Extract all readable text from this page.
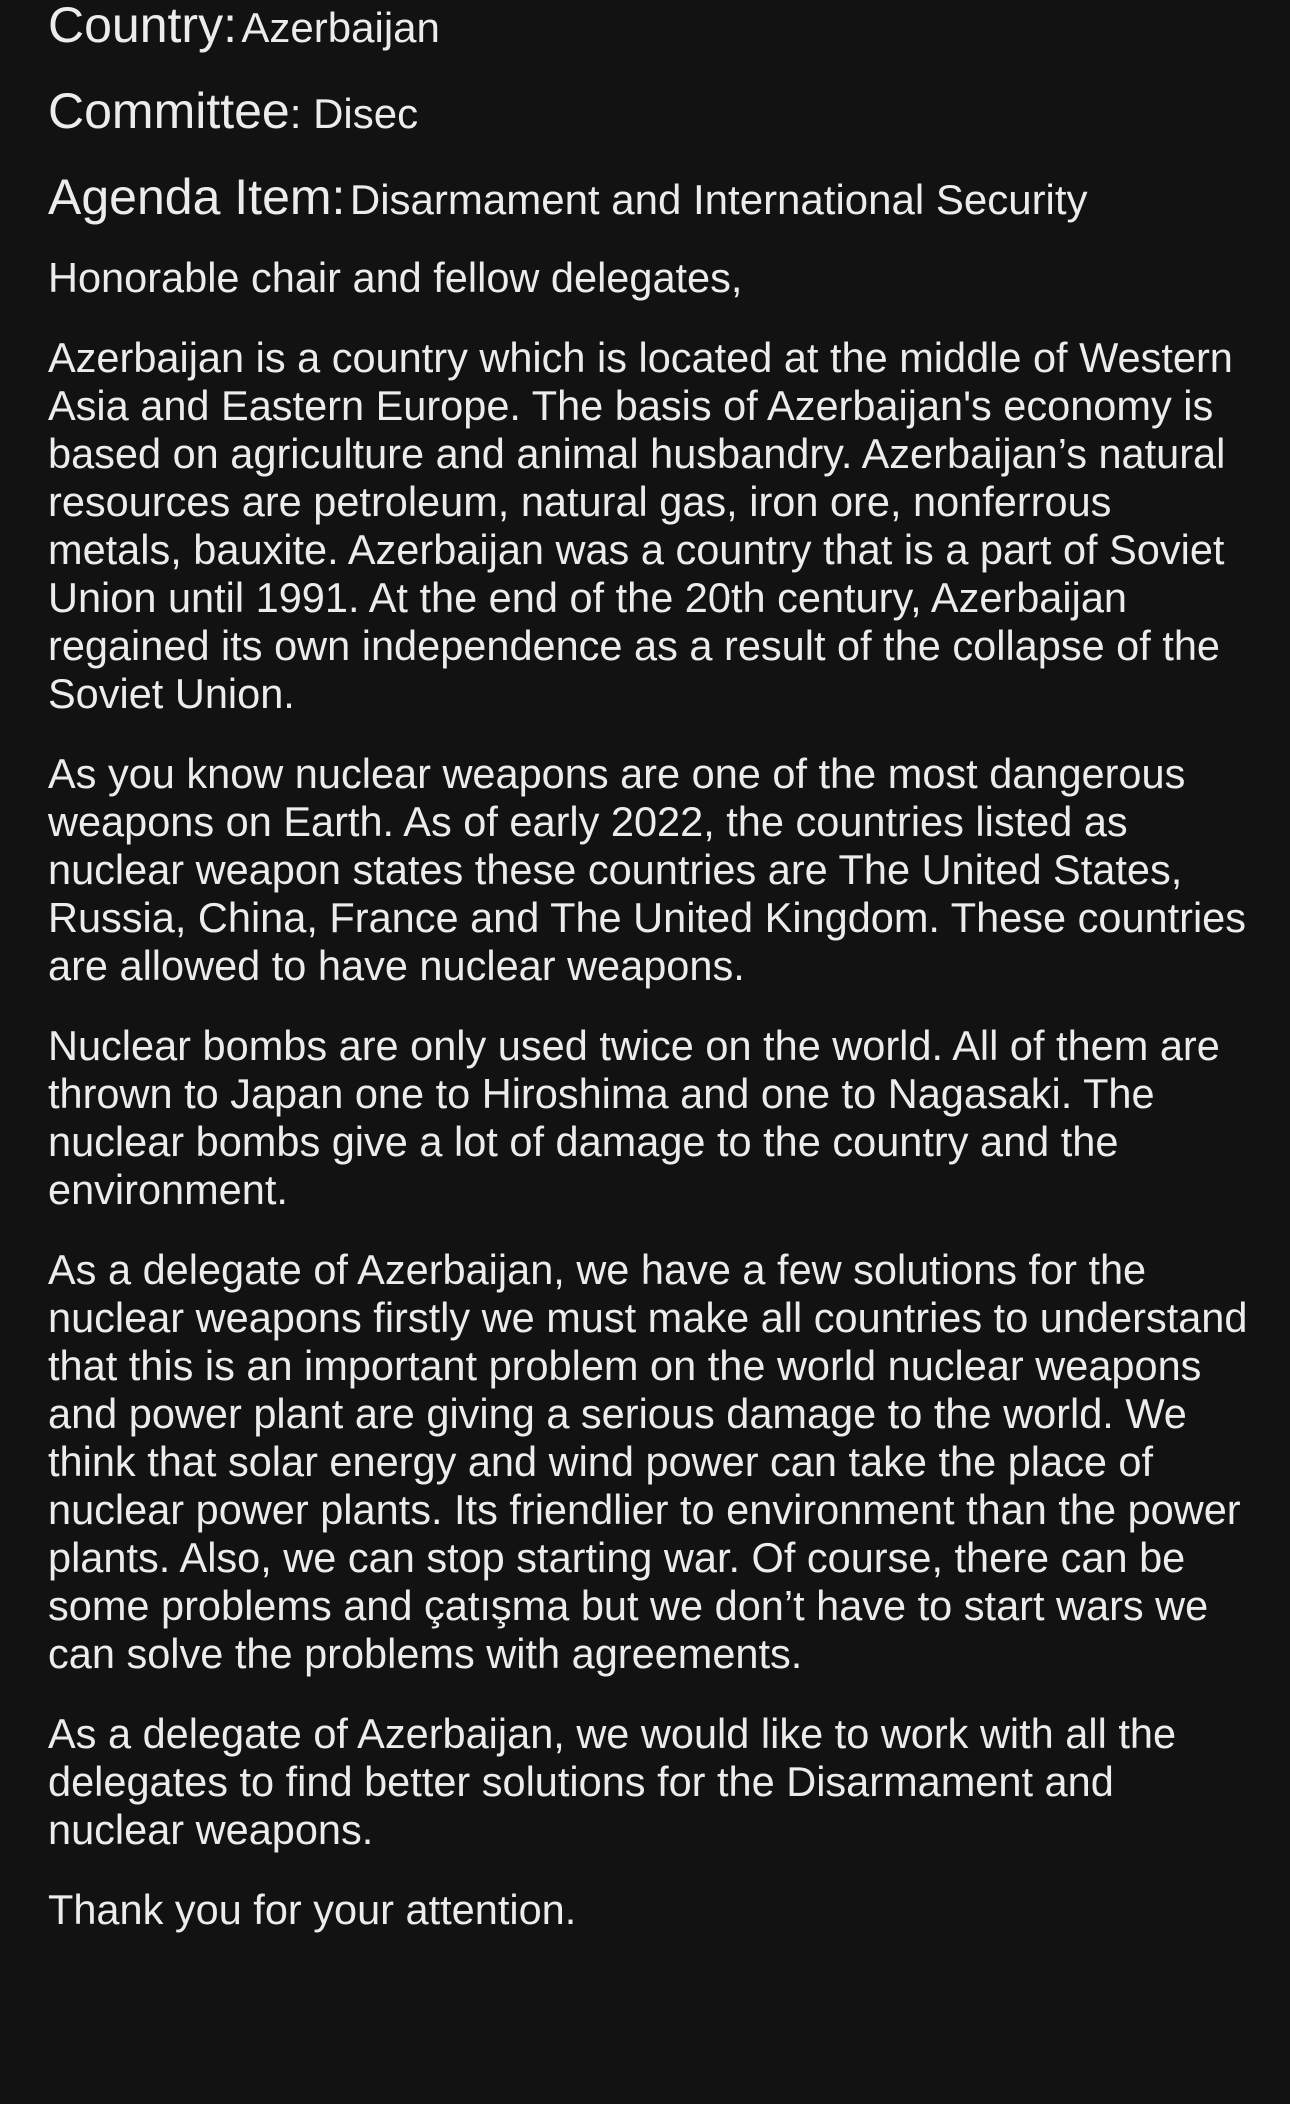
Country: Azerbaijan

Committee: Disec

Agenda Item: Disarmament and International Security

Honorable chair and fellow delegates,

Azerbaijan is a country which is located at the middle of Western Asia and Eastern Europe. The basis of Azerbaijan's economy is based on agriculture and animal husbandry. Azerbaijan’s natural resources are petroleum, natural gas, iron ore, nonferrous metals, bauxite. Azerbaijan was a country that is a part of Soviet Union until 1991. At the end of the 20th century, Azerbaijan regained its own independence as a result of the collapse of the Soviet Union.

As you know nuclear weapons are one of the most dangerous weapons on Earth. As of early 2022, the countries listed as nuclear weapon states these countries are The United States, Russia, China, France and The United Kingdom. These countries are allowed to have nuclear weapons.

Nuclear bombs are only used twice on the world. All of them are thrown to Japan one to Hiroshima and one to Nagasaki. The nuclear bombs give a lot of damage to the country and the environment.

As a delegate of Azerbaijan, we have a few solutions for the nuclear weapons firstly we must make all countries to understand that this is an important problem on the world nuclear weapons and power plant are giving a serious damage to the world. We think that solar energy and wind power can take the place of nuclear power plants. Its friendlier to environment than the power plants. Also, we can stop starting war. Of course, there can be some problems and çatışma but we don’t have to start wars we can solve the problems with agreements.

As a delegate of Azerbaijan, we would like to work with all the delegates to find better solutions for the Disarmament and nuclear weapons.

Thank you for your attention.
